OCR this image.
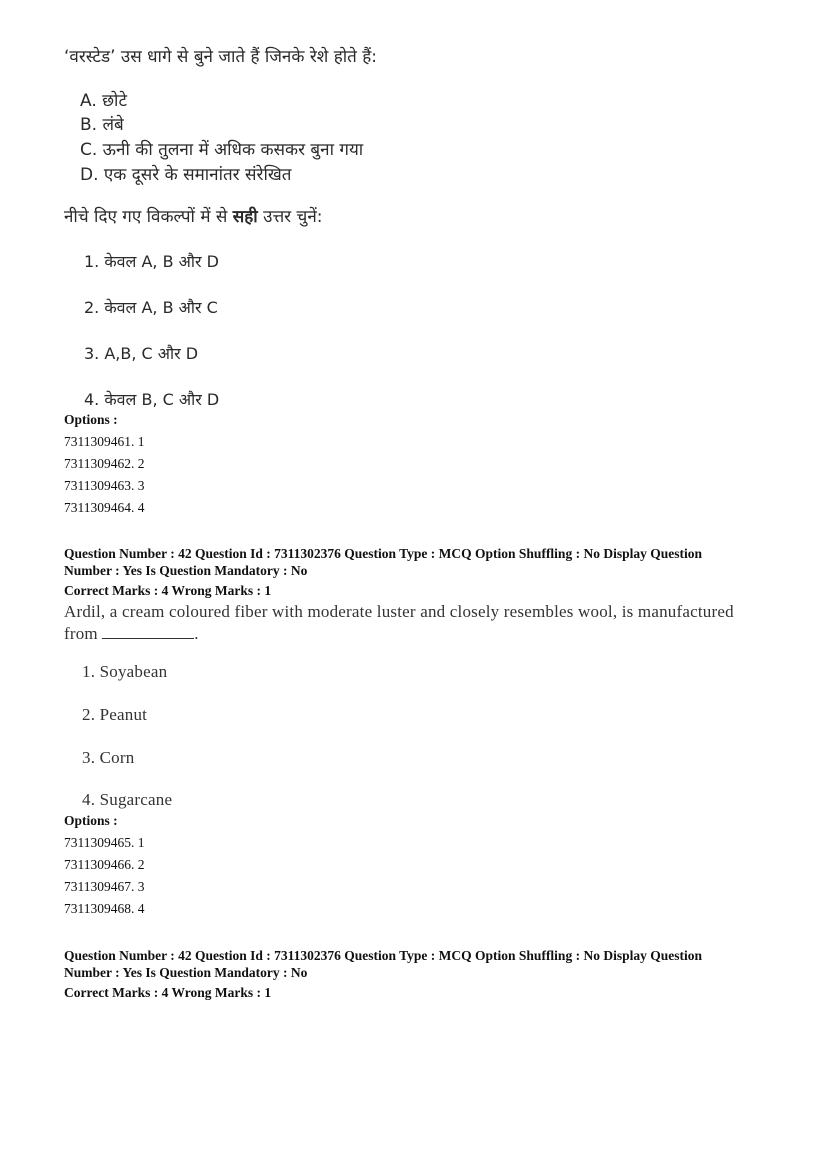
‘वरस्टेड’ उस धागे से बुने जाते हैं जिनके रेशे होते हैं:
A. छोटे
B. लंबे
C. ऊनी की तुलना में अधिक कसकर बुना गया
D. एक दूसरे के समानांतर संरेखित
नीचे दिए गए विकल्पों में से सही उत्तर चुनें:
1. केवल A, B और D
2. केवल A, B और C
3. A,B, C और D
4. केवल B, C और D
Options :
7311309461. 1
7311309462. 2
7311309463. 3
7311309464. 4
Question Number : 42 Question Id : 7311302376 Question Type : MCQ Option Shuffling : No Display Question
Number : Yes Is Question Mandatory : No
Correct Marks : 4 Wrong Marks : 1
Ardil, a cream coloured fiber with moderate luster and closely resembles wool, is manufactured
from	.
1. Soyabean
2. Peanut
3. Corn
4. Sugarcane
Options :
7311309465. 1
7311309466. 2
7311309467. 3
7311309468. 4
Question Number : 42 Question Id : 7311302376 Question Type : MCQ Option Shuffling : No Display Question
Number : Yes Is Question Mandatory : No
Correct Marks : 4 Wrong Marks : 1
